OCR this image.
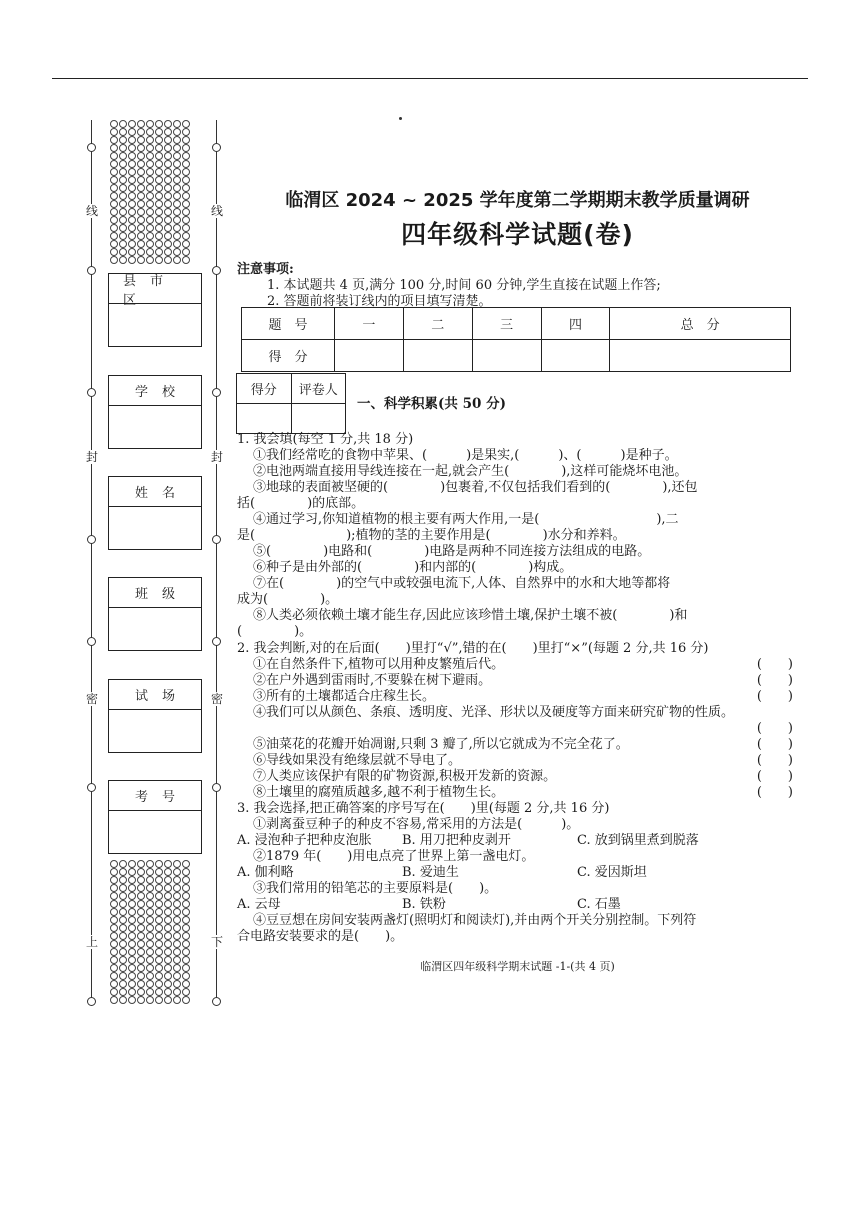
线
封
密
上
线
封
密
下
县市区
学校
姓名
班级
试场
考号
临渭区 2024 ~ 2025 学年度第二学期期末教学质量调研
四年级科学试题(卷)
注意事项:
1. 本试题共 4 页,满分 100 分,时间 60 分钟,学生直接在试题上作答;
2. 答题前将装订线内的项目填写清楚。
题　号	一	二	三	四	总　分
得　分					
得分	评卷人

一、科学积累(共 50 分)
1. 我会填(每空 1 分,共 18 分)
①我们经常吃的食物中苹果、(　　　)是果实,(　　　)、(　　　)是种子。
②电池两端直接用导线连接在一起,就会产生(　　　　),这样可能烧坏电池。
③地球的表面被坚硬的(　　　　)包裹着,不仅包括我们看到的(　　　　),还包
括(　　　　)的底部。
④通过学习,你知道植物的根主要有两大作用,一是(　　　　　　　　　),二
是(　　　　　　　);植物的茎的主要作用是(　　　　)水分和养料。
⑤(　　　　)电路和(　　　　)电路是两种不同连接方法组成的电路。
⑥种子是由外部的(　　　　)和内部的(　　　　)构成。
⑦在(　　　　)的空气中或较强电流下,人体、自然界中的水和大地等都将
成为(　　　　)。
⑧人类必须依赖土壤才能生存,因此应该珍惜土壤,保护土壤不被(　　　　)和
(　　　　)。
2. 我会判断,对的在后面(　　)里打“√”,错的在(　　)里打“×”(每题 2 分,共 16 分)
①在自然条件下,植物可以用种皮繁殖后代。	(　　)
②在户外遇到雷雨时,不要躲在树下避雨。	(　　)
③所有的土壤都适合庄稼生长。	(　　)
④我们可以从颜色、条痕、透明度、光泽、形状以及硬度等方面来研究矿物的性质。
(　　)
⑤油菜花的花瓣开始凋谢,只剩 3 瓣了,所以它就成为不完全花了。	(　　)
⑥导线如果没有绝缘层就不导电了。	(　　)
⑦人类应该保护有限的矿物资源,积极开发新的资源。	(　　)
⑧土壤里的腐殖质越多,越不利于植物生长。	(　　)
3. 我会选择,把正确答案的序号写在(　　)里(每题 2 分,共 16 分)
①剥离蚕豆种子的种皮不容易,常采用的方法是(　　　)。
A. 浸泡种子把种皮泡胀	B. 用刀把种皮剥开	C. 放到锅里煮到脱落
②1879 年(　　)用电点亮了世界上第一盏电灯。
A. 伽利略	B. 爱迪生	C. 爱因斯坦
③我们常用的铅笔芯的主要原料是(　　)。
A. 云母	B. 铁粉	C. 石墨
④豆豆想在房间安装两盏灯(照明灯和阅读灯),并由两个开关分别控制。下列符
合电路安装要求的是(　　)。
临渭区四年级科学期末试题 -1-(共 4 页)
